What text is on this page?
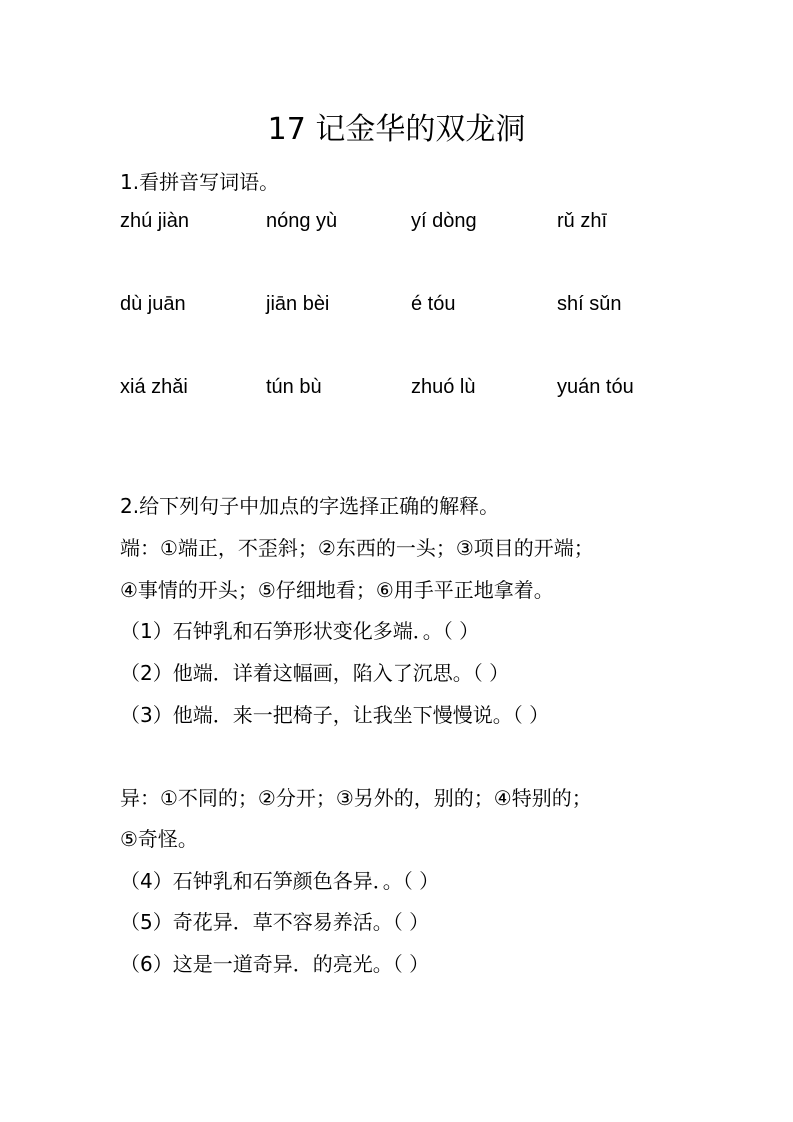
17 记金华的双龙洞
1.看拼音写词语。
zhú jiàn	nónɡ yù	yí dònɡ	rǔ zhī
dù juān	jiān bèi	é tóu	shí sǔn
xiá zhǎi	tún bù	zhuó lù	yuán tóu
2.给下列句子中加点的字选择正确的解释。
端：①端正，不歪斜；②东西的一头；③项目的开端；
④事情的开头；⑤仔细地看；⑥用手平正地拿着。
（1）石钟乳和石笋形状变化多端．。（ ）
（2）他端．详着这幅画，陷入了沉思。（ ）
（3）他端．来一把椅子，让我坐下慢慢说。（ ）
异：①不同的；②分开；③另外的，别的；④特别的；
⑤奇怪。
（4）石钟乳和石笋颜色各异．。（ ）
（5）奇花异．草不容易养活。（ ）
（6）这是一道奇异．的亮光。（ ）
